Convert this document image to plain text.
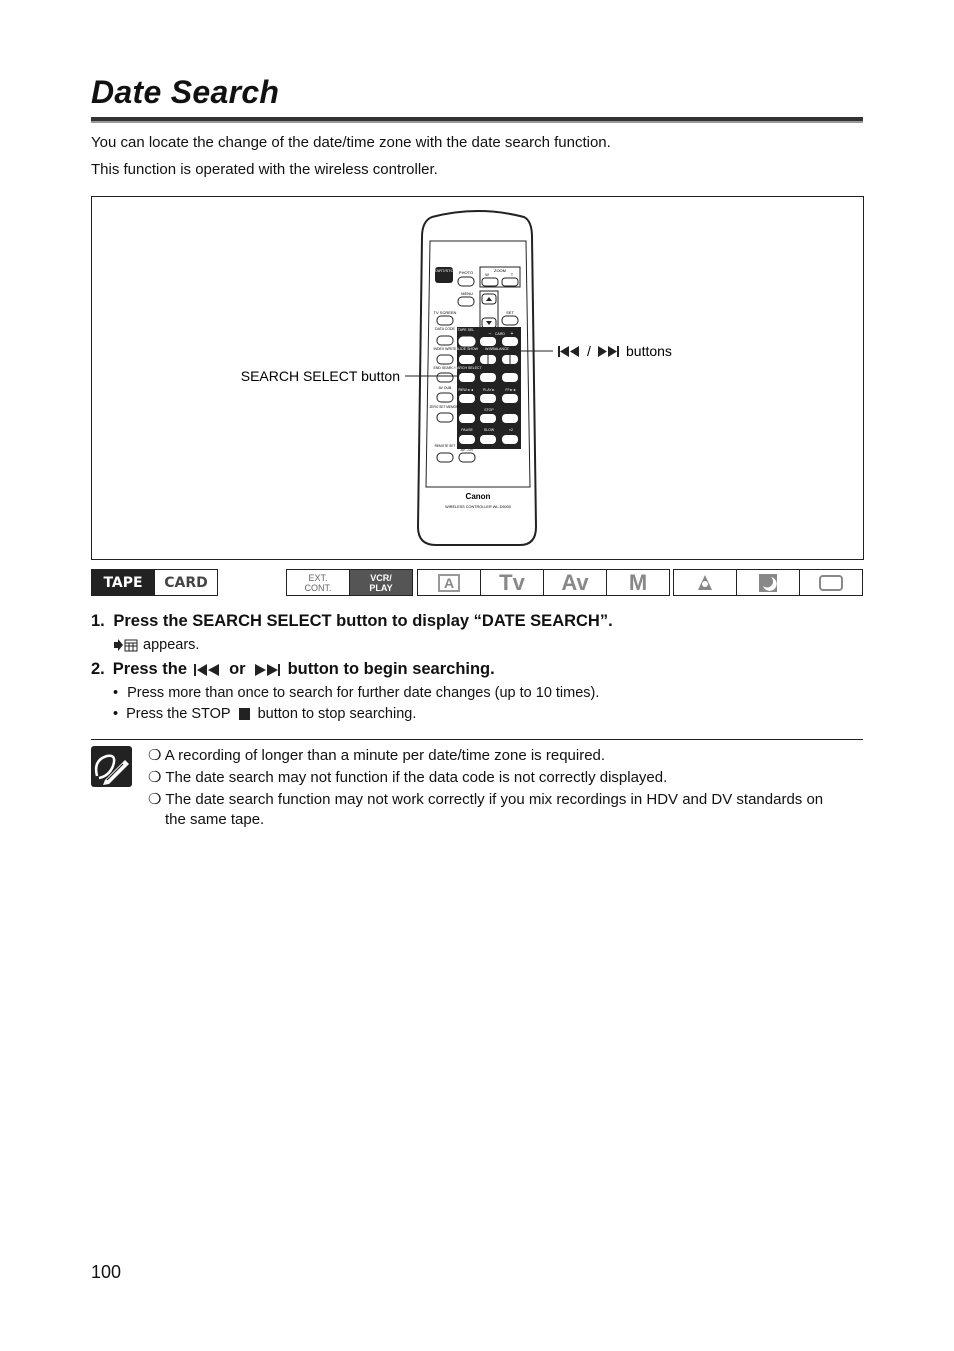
Date Search
You can locate the change of the date/time zone with the date search function.
This function is operated with the wireless controller.
START/STOP PHOTO	ZOOM
W	T
MENU
TV SCREEN	SET
DATA CODE TAPE SEL
− CARD +
INDEX WRITE SLIDE SHOW W.B/BALANCE
END SEARCH
SEARCH SELECT
AV DUB REW◄◄	PLAY►	FF►►
ZERO SET MEMORY
STOP
PAUSE	SLOW	×2
REMOTE SET
AV→DV
Canon
WIRELESS CONTROLLER WL-D5000
SEARCH SELECT button
/	buttons
TAPE CARD	EXT.
CONT.
VCR/
PLAY	A Tv Av M
1. Press the SEARCH SELECT button to display “DATE SEARCH”.
appears.
2. Press the	or	button to begin searching.
• Press more than once to search for further date changes (up to 10 times).
• Press the STOP button to stop searching.
❍ A recording of longer than a minute per date/time zone is required.
❍ The date search may not function if the data code is not correctly displayed.
❍ The date search function may not work correctly if you mix recordings in HDV and DV standards on
the same tape.
100
